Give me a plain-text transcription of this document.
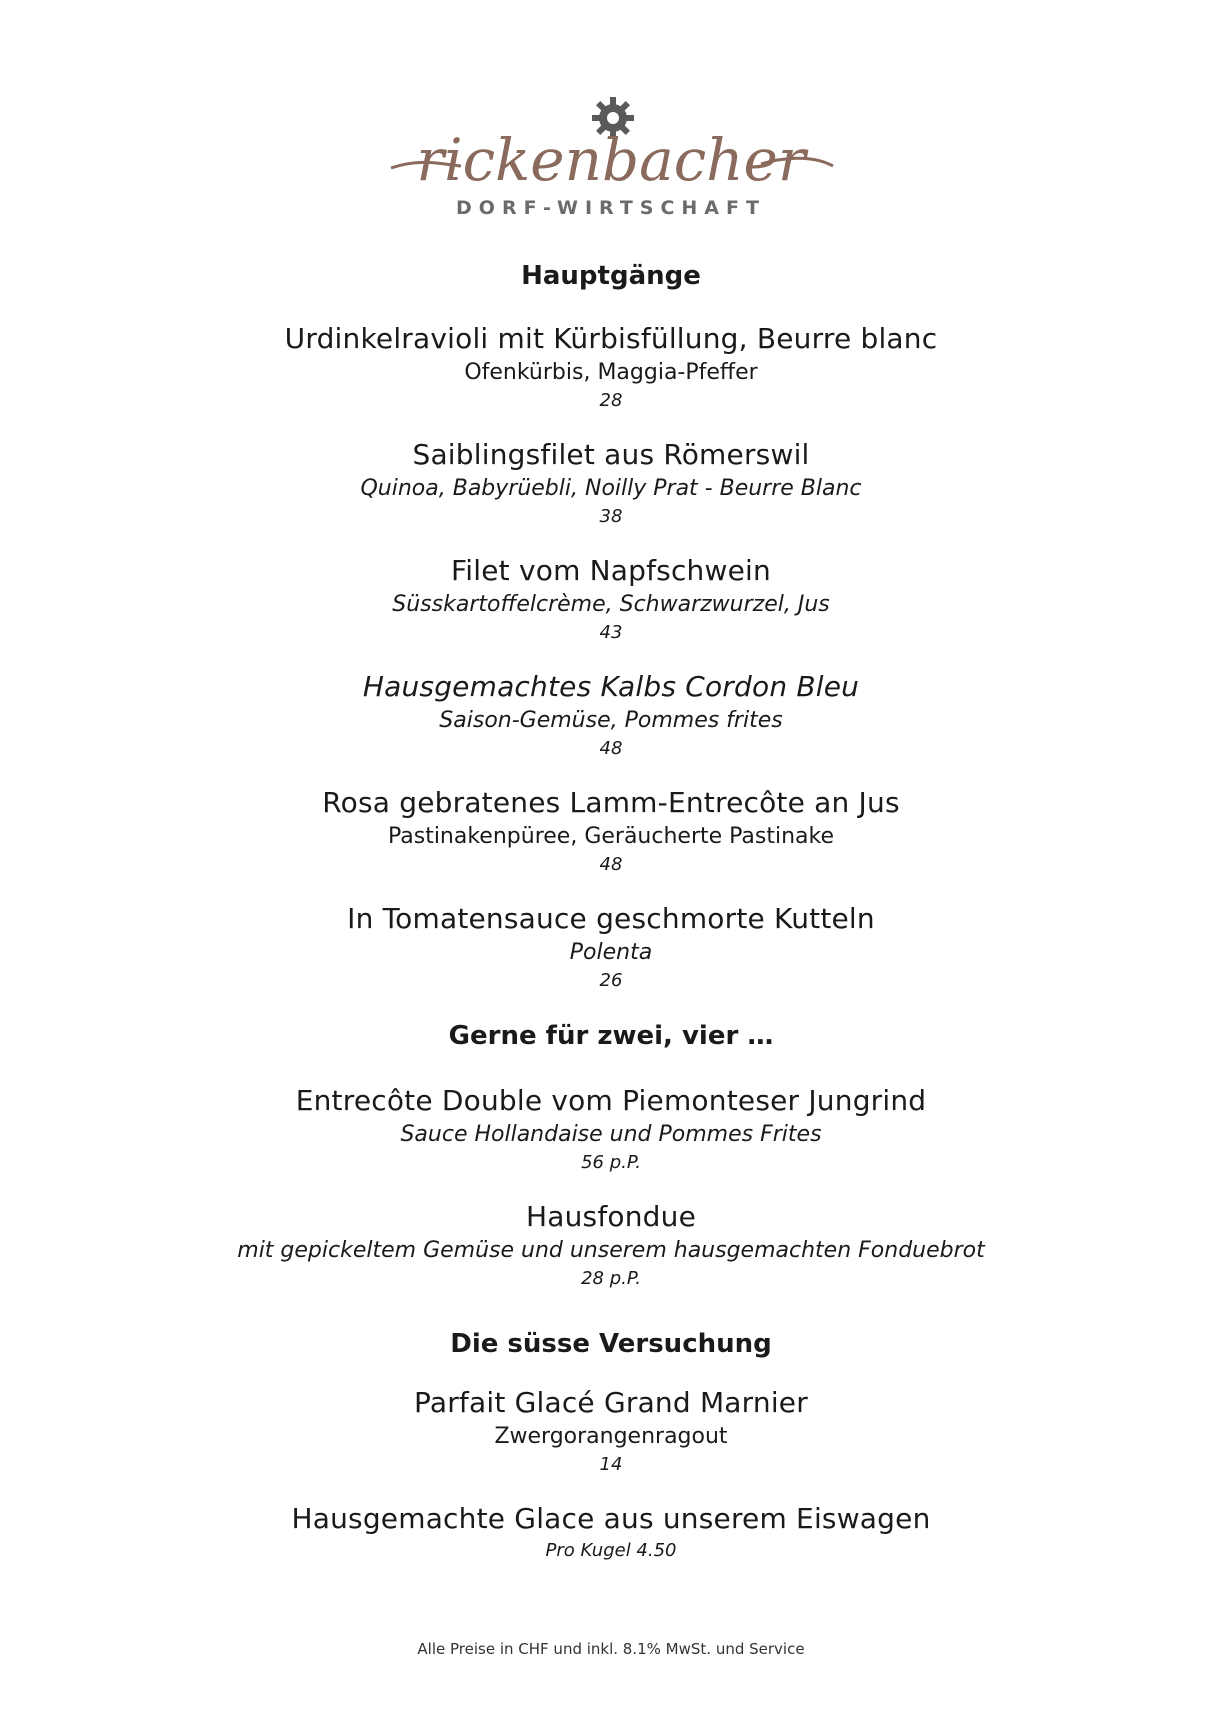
rickenbacher
DORF-WIRTSCHAFT
Hauptgänge

Urdinkelravioli mit Kürbisfüllung, Beurre blanc

Ofenkürbis, Maggia-Pfeffer

28

Saiblingsfilet aus Römerswil

Quinoa, Babyrüebli, Noilly Prat - Beurre Blanc

38

Filet vom Napfschwein

Süsskartoffelcrème, Schwarzwurzel, Jus

43

Hausgemachtes Kalbs Cordon Bleu

Saison-Gemüse, Pommes frites

48

Rosa gebratenes Lamm-Entrecôte an Jus

Pastinakenpüree, Geräucherte Pastinake

48

In Tomatensauce geschmorte Kutteln

Polenta

26

Gerne für zwei, vier …

Entrecôte Double vom Piemonteser Jungrind

Sauce Hollandaise und Pommes Frites

56 p.P.

Hausfondue

mit gepickeltem Gemüse und unserem hausgemachten Fonduebrot

28 p.P.

Die süsse Versuchung

Parfait Glacé Grand Marnier

Zwergorangenragout

14

Hausgemachte Glace aus unserem Eiswagen

Pro Kugel 4.50

Alle Preise in CHF und inkl. 8.1% MwSt. und Service
